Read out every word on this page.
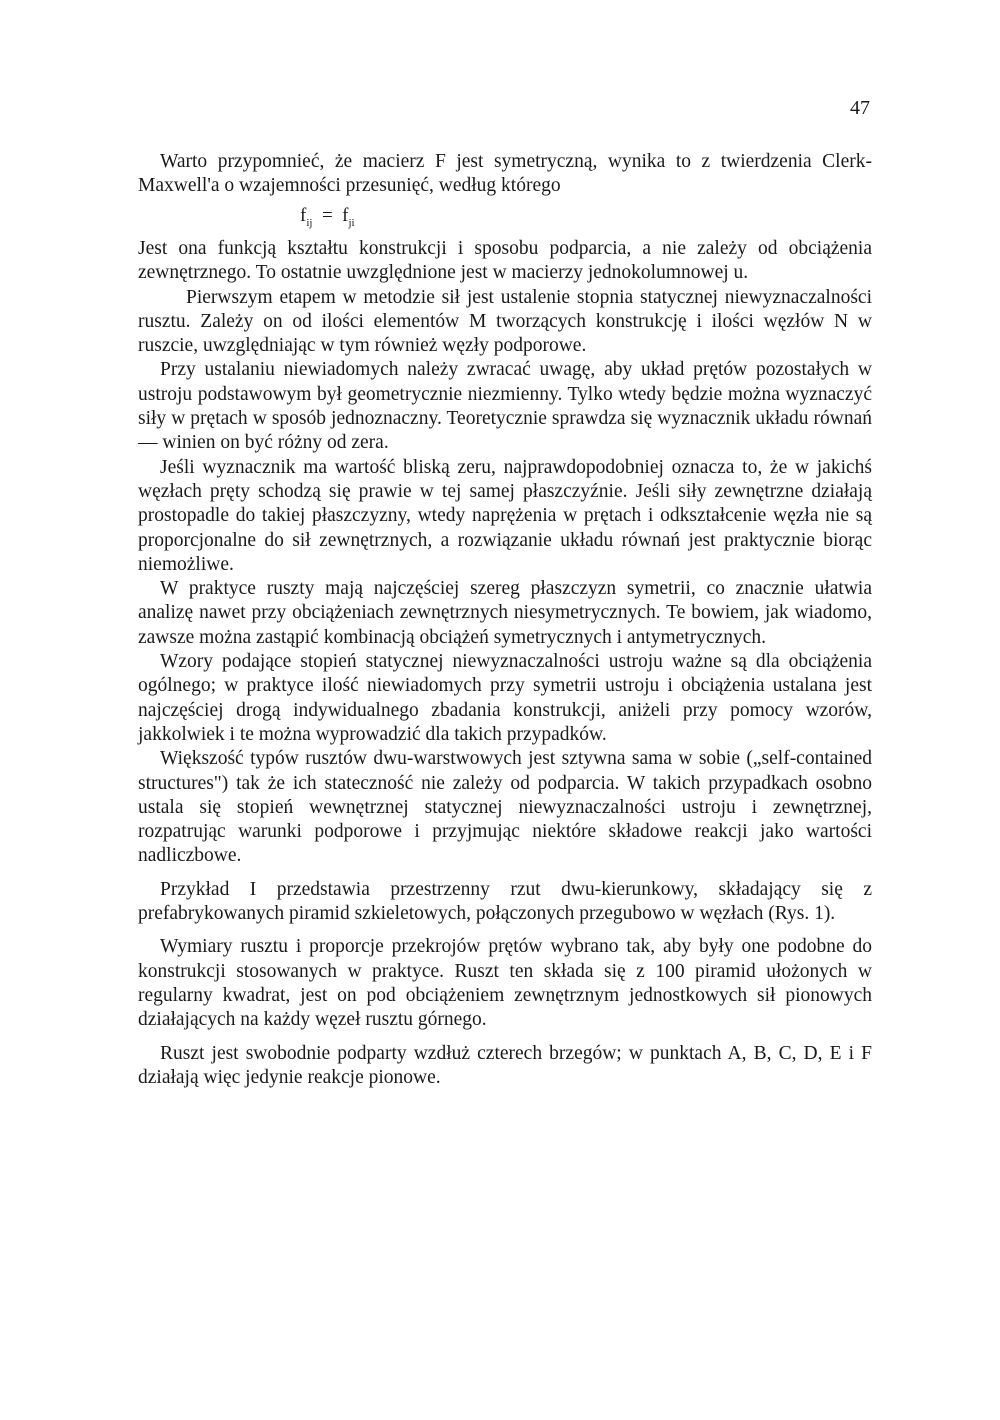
47

Warto przypomnieć, że macierz F jest symetryczną, wynika to z twierdzenia Clerk-Maxwell'a o wzajemności przesunięć, według którego

$f_{ij} = f_{ji}$

Jest ona funkcją kształtu konstrukcji i sposobu podparcia, a nie zależy od obciążenia zewnętrznego. To ostatnie uwzględnione jest w macierzy jednokolumnowej u.

Pierwszym etapem w metodzie sił jest ustalenie stopnia statycznej niewyznaczalności rusztu. Zależy on od ilości elementów M tworzących konstrukcję i ilości węzłów N w ruszcie, uwzględniając w tym również węzły podporowe.

Przy ustalaniu niewiadomych należy zwracać uwagę, aby układ prętów pozostałych w ustroju podstawowym był geometrycznie niezmienny. Tylko wtedy będzie można wyznaczyć siły w prętach w sposób jednoznaczny. Teoretycznie sprawdza się wyznacznik układu równań — winien on być różny od zera.

Jeśli wyznacznik ma wartość bliską zeru, najprawdopodobniej oznacza to, że w jakichś węzłach pręty schodzą się prawie w tej samej płaszczyźnie. Jeśli siły zewnętrzne działają prostopadle do takiej płaszczyzny, wtedy naprężenia w prętach i odkształcenie węzła nie są proporcjonalne do sił zewnętrznych, a rozwiązanie układu równań jest praktycznie biorąc niemożliwe.

W praktyce ruszty mają najczęściej szereg płaszczyzn symetrii, co znacznie ułatwia analizę nawet przy obciążeniach zewnętrznych niesymetrycznych. Te bowiem, jak wiadomo, zawsze można zastąpić kombinacją obciążeń symetrycznych i antymetrycznych.

Wzory podające stopień statycznej niewyznaczalności ustroju ważne są dla obciążenia ogólnego; w praktyce ilość niewiadomych przy symetrii ustroju i obciążenia ustalana jest najczęściej drogą indywidualnego zbadania konstrukcji, aniżeli przy pomocy wzorów, jakkolwiek i te można wyprowadzić dla takich przypadków.

Większość typów rusztów dwu-warstwowych jest sztywna sama w sobie („self-contained structures") tak że ich stateczność nie zależy od podparcia. W takich przypadkach osobno ustala się stopień wewnętrznej statycznej niewyznaczalności ustroju i zewnętrznej, rozpatrując warunki podporowe i przyjmując niektóre składowe reakcji jako wartości nadliczbowe.

Przykład I przedstawia przestrzenny rzut dwu-kierunkowy, składający się z prefabrykowanych piramid szkieletowych, połączonych przegubowo w węzłach (Rys. 1).

Wymiary rusztu i proporcje przekrojów prętów wybrano tak, aby były one podobne do konstrukcji stosowanych w praktyce. Ruszt ten składa się z 100 piramid ułożonych w regularny kwadrat, jest on pod obciążeniem zewnętrznym jednostkowych sił pionowych działających na każdy węzeł rusztu górnego.

Ruszt jest swobodnie podparty wzdłuż czterech brzegów; w punktach A, B, C, D, E i F działają więc jedynie reakcje pionowe.
